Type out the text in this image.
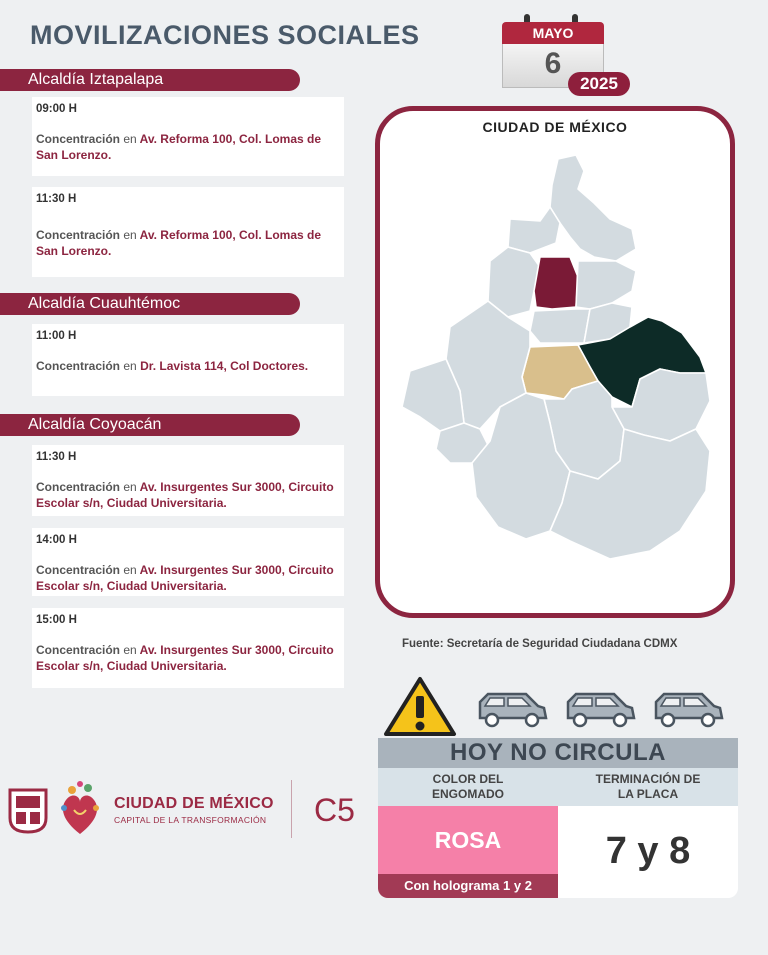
MOVILIZACIONES SOCIALES	MAYO
6
2025
Alcaldía Iztapalapa
09:00 H
Concentración en Av. Reforma 100, Col. Lomas de San Lorenzo.
11:30 H
Concentración en Av. Reforma 100, Col. Lomas de San Lorenzo.
Alcaldía Cuauhtémoc
11:00 H
Concentración en Dr. Lavista 114, Col Doctores.
Alcaldía Coyoacán
11:30 H
Concentración en Av. Insurgentes Sur 3000, Circuito Escolar s/n, Ciudad Universitaria.
14:00 H
Concentración en Av. Insurgentes Sur 3000, Circuito Escolar s/n, Ciudad Universitaria.
15:00 H
Concentración en Av. Insurgentes Sur 3000, Circuito Escolar s/n, Ciudad Universitaria.
CIUDAD DE MÉXICO
Fuente: Secretaría de Seguridad Ciudadana CDMX
HOY NO CIRCULA
COLOR DEL
ENGOMADO
TERMINACIÓN DE
LA PLACA
ROSA
Con holograma 1 y 2
7 y 8
CIUDAD DE MÉXICO
CAPITAL DE LA TRANSFORMACIÓN C5
